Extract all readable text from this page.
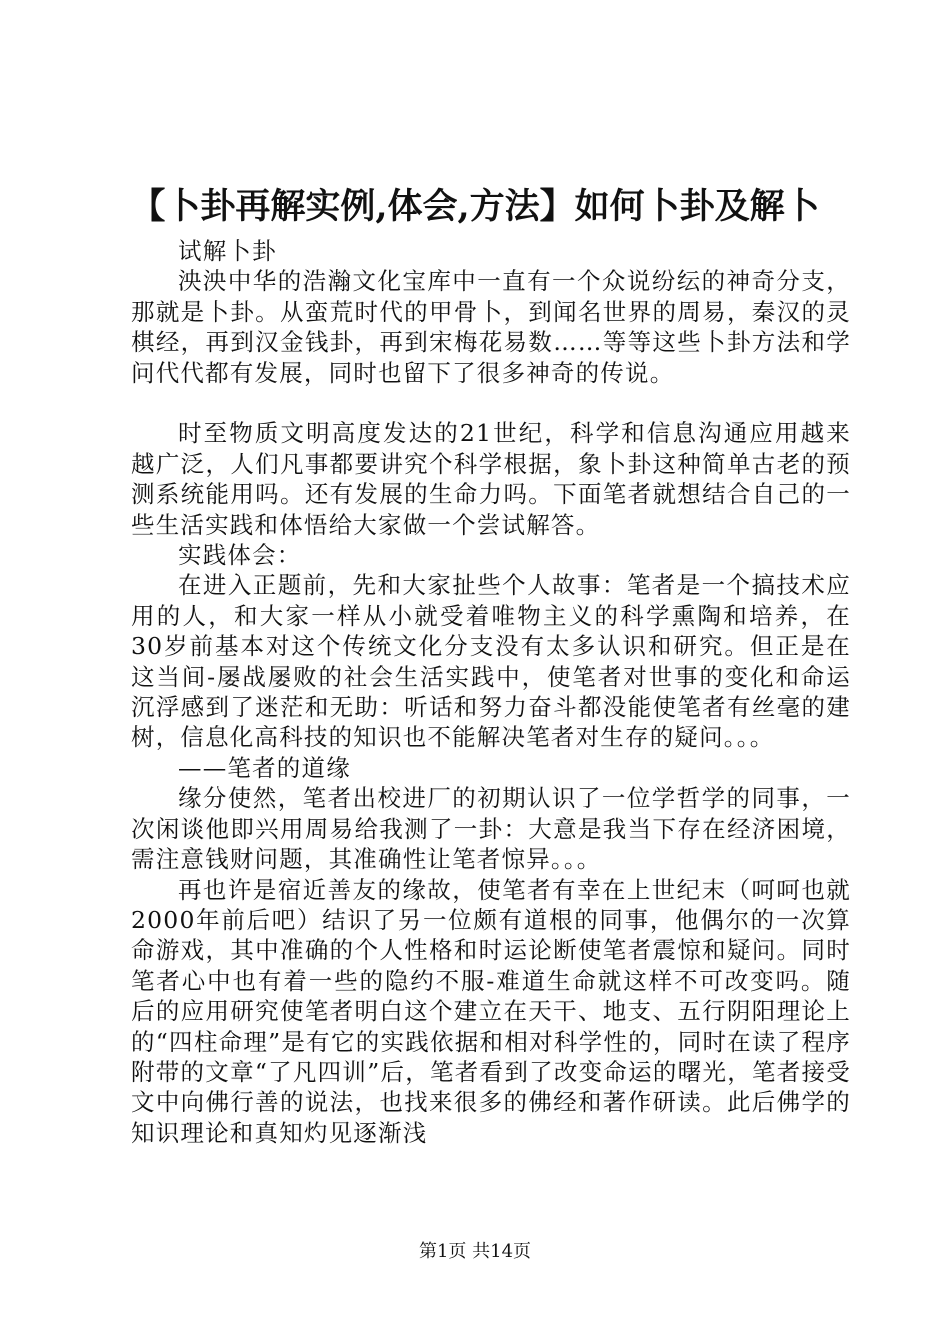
【卜卦再解实例,体会,方法】如何卜卦及解卜

试解卜卦

泱泱中华的浩瀚文化宝库中一直有一个众说纷纭的神奇分支，那就是卜卦。从蛮荒时代的甲骨卜，到闻名世界的周易，秦汉的灵棋经，再到汉金钱卦，再到宋梅花易数……等等这些卜卦方法和学问代代都有发展，同时也留下了很多神奇的传说。

时至物质文明高度发达的21世纪，科学和信息沟通应用越来越广泛，人们凡事都要讲究个科学根据，象卜卦这种简单古老的预测系统能用吗。还有发展的生命力吗。下面笔者就想结合自己的一些生活实践和体悟给大家做一个尝试解答。

实践体会：

在进入正题前，先和大家扯些个人故事：笔者是一个搞技术应用的人，和大家一样从小就受着唯物主义的科学熏陶和培养，在30岁前基本对这个传统文化分支没有太多认识和研究。但正是在这当间-屡战屡败的社会生活实践中，使笔者对世事的变化和命运沉浮感到了迷茫和无助：听话和努力奋斗都没能使笔者有丝毫的建树，信息化高科技的知识也不能解决笔者对生存的疑问。。。

——笔者的道缘

缘分使然，笔者出校进厂的初期认识了一位学哲学的同事，一次闲谈他即兴用周易给我测了一卦：大意是我当下存在经济困境，需注意钱财问题，其准确性让笔者惊异。。。

再也许是宿近善友的缘故，使笔者有幸在上世纪末（呵呵也就2000年前后吧）结识了另一位颇有道根的同事，他偶尔的一次算命游戏，其中准确的个人性格和时运论断使笔者震惊和疑问。同时笔者心中也有着一些的隐约不服-难道生命就这样不可改变吗。随后的应用研究使笔者明白这个建立在天干、地支、五行阴阳理论上的“四柱命理”是有它的实践依据和相对科学性的，同时在读了程序附带的文章“了凡四训”后，笔者看到了改变命运的曙光，笔者接受文中向佛行善的说法，也找来很多的佛经和著作研读。此后佛学的知识理论和真知灼见逐渐浅

第1页 共14页
